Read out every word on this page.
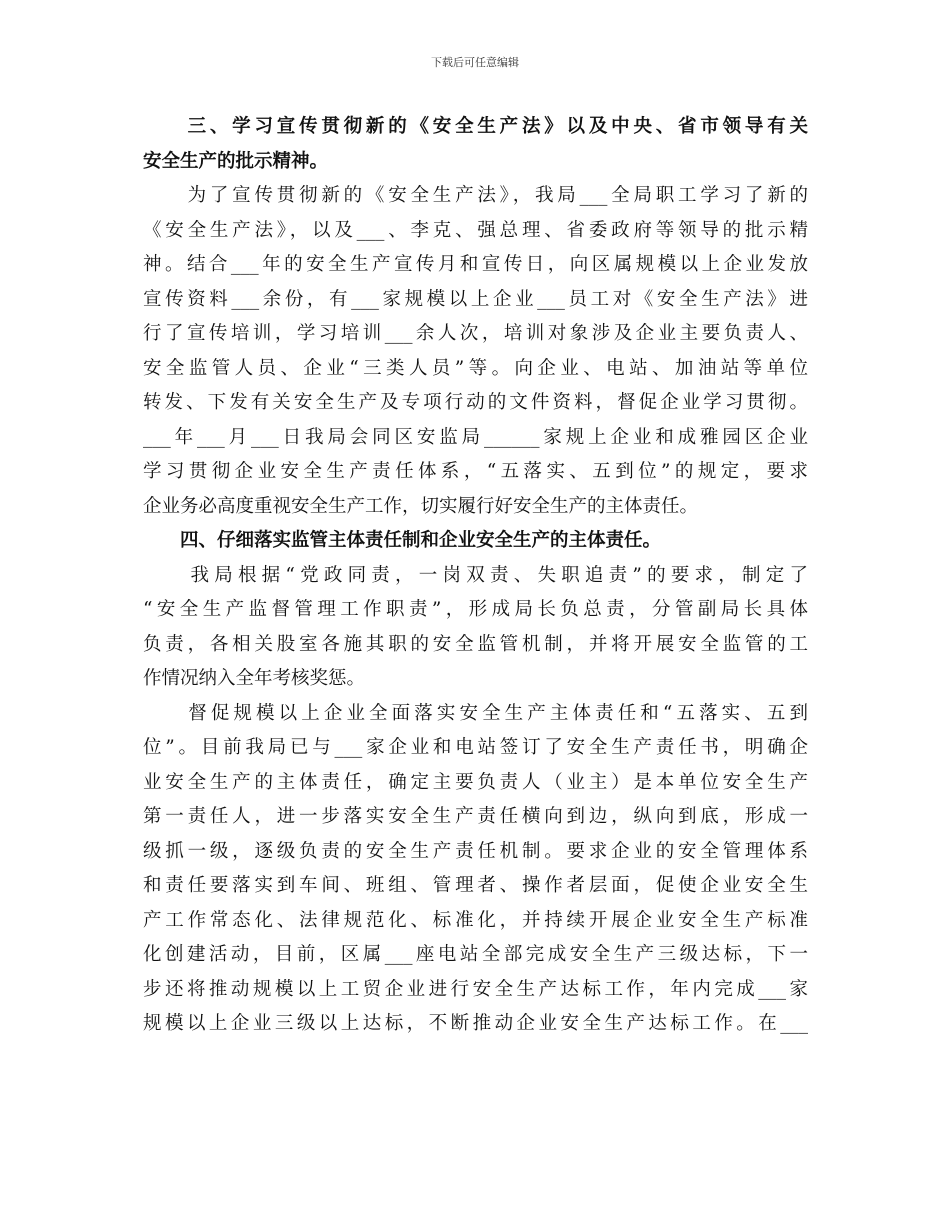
下载后可任意编辑
　　三、学习宣传贯彻新的《安全生产法》以及中央、省市领导有关
安全生产的批示精神。
　　为了宣传贯彻新的《安全生产法》，我局___全局职工学习了新的
《安全生产法》，以及___、李克、强总理、省委政府等领导的批示精
神。结合___年的安全生产宣传月和宣传日，向区属规模以上企业发放
宣传资料___余份，有___家规模以上企业___员工对《安全生产法》进
行了宣传培训，学习培训___余人次，培训对象涉及企业主要负责人、
安全监管人员、企业“三类人员”等。向企业、电站、加油站等单位
转发、下发有关安全生产及专项行动的文件资料，督促企业学习贯彻。
___年___月___日我局会同区安监局______家规上企业和成雅园区企业
学习贯彻企业安全生产责任体系，“五落实、五到位”的规定，要求
企业务必高度重视安全生产工作，切实履行好安全生产的主体责任。
　　四、仔细落实监管主体责任制和企业安全生产的主体责任。
　　我局根据“党政同责，一岗双责、失职追责”的要求，制定了
“安全生产监督管理工作职责”，形成局长负总责，分管副局长具体
负责，各相关股室各施其职的安全监管机制，并将开展安全监管的工
作情况纳入全年考核奖惩。
　　督促规模以上企业全面落实安全生产主体责任和“五落实、五到
位”。目前我局已与___家企业和电站签订了安全生产责任书，明确企
业安全生产的主体责任，确定主要负责人（业主）是本单位安全生产
第一责任人，进一步落实安全生产责任横向到边，纵向到底，形成一
级抓一级，逐级负责的安全生产责任机制。要求企业的安全管理体系
和责任要落实到车间、班组、管理者、操作者层面，促使企业安全生
产工作常态化、法律规范化、标准化，并持续开展企业安全生产标准
化创建活动，目前，区属___座电站全部完成安全生产三级达标，下一
步还将推动规模以上工贸企业进行安全生产达标工作，年内完成___家
规模以上企业三级以上达标，不断推动企业安全生产达标工作。在___
